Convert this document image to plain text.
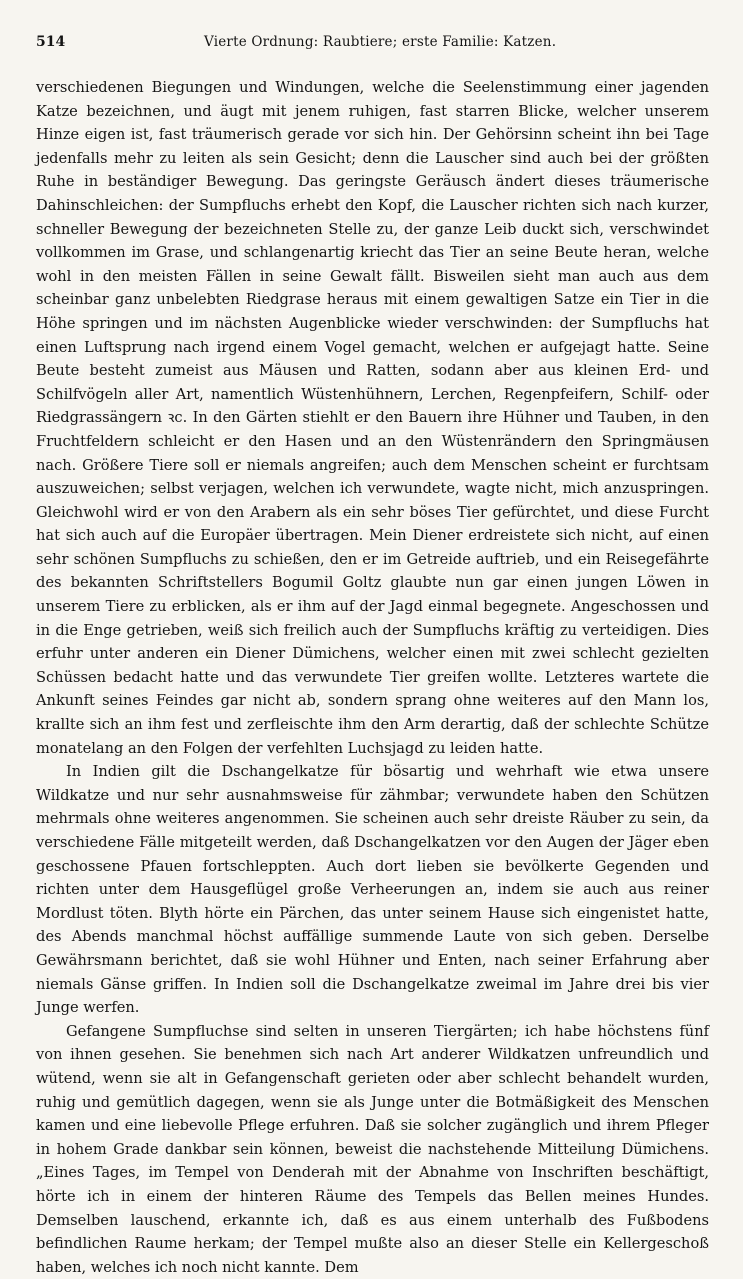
514	Vierte Ordnung: Raubtiere; erste Familie: Katzen.

verschiedenen Biegungen und Windungen, welche die Seelenstimmung einer jagenden Katze bezeichnen, und äugt mit jenem ruhigen, fast starren Blicke, welcher unserem Hinze eigen ist, fast träumerisch gerade vor sich hin. Der Gehörsinn scheint ihn bei Tage jedenfalls mehr zu leiten als sein Gesicht; denn die Lauscher sind auch bei der größten Ruhe in beständiger Bewegung. Das geringste Geräusch ändert dieses träumerische Dahinschleichen: der Sumpfluchs erhebt den Kopf, die Lauscher richten sich nach kurzer, schneller Bewegung der bezeichneten Stelle zu, der ganze Leib duckt sich, verschwindet vollkommen im Grase, und schlangenartig kriecht das Tier an seine Beute heran, welche wohl in den meisten Fällen in seine Gewalt fällt. Bisweilen sieht man auch aus dem scheinbar ganz unbelebten Riedgrase heraus mit einem gewaltigen Satze ein Tier in die Höhe springen und im nächsten Augenblicke wieder verschwinden: der Sumpfluchs hat einen Luftsprung nach irgend einem Vogel gemacht, welchen er aufgejagt hatte. Seine Beute besteht zumeist aus Mäusen und Ratten, sodann aber aus kleinen Erd- und Schilfvögeln aller Art, namentlich Wüstenhühnern, Lerchen, Regenpfeifern, Schilf- oder Riedgrassängern ꝛc. In den Gärten stiehlt er den Bauern ihre Hühner und Tauben, in den Fruchtfeldern schleicht er den Hasen und an den Wüstenrändern den Springmäusen nach. Größere Tiere soll er niemals angreifen; auch dem Menschen scheint er furchtsam auszuweichen; selbst verjagen, welchen ich verwundete, wagte nicht, mich anzuspringen. Gleichwohl wird er von den Arabern als ein sehr böses Tier gefürchtet, und diese Furcht hat sich auch auf die Europäer übertragen. Mein Diener erdreistete sich nicht, auf einen sehr schönen Sumpfluchs zu schießen, den er im Getreide auftrieb, und ein Reisegefährte des bekannten Schriftstellers Bogumil Goltz glaubte nun gar einen jungen Löwen in unserem Tiere zu erblicken, als er ihm auf der Jagd einmal begegnete. Angeschossen und in die Enge getrieben, weiß sich freilich auch der Sumpfluchs kräftig zu verteidigen. Dies erfuhr unter anderen ein Diener Dümichens, welcher einen mit zwei schlecht gezielten Schüssen bedacht hatte und das verwundete Tier greifen wollte. Letzteres wartete die Ankunft seines Feindes gar nicht ab, sondern sprang ohne weiteres auf den Mann los, krallte sich an ihm fest und zerfleischte ihm den Arm derartig, daß der schlechte Schütze monatelang an den Folgen der verfehlten Luchsjagd zu leiden hatte.

In Indien gilt die Dschangelkatze für bösartig und wehrhaft wie etwa unsere Wildkatze und nur sehr ausnahmsweise für zähmbar; verwundete haben den Schützen mehrmals ohne weiteres angenommen. Sie scheinen auch sehr dreiste Räuber zu sein, da verschiedene Fälle mitgeteilt werden, daß Dschangelkatzen vor den Augen der Jäger eben geschossene Pfauen fortschleppten. Auch dort lieben sie bevölkerte Gegenden und richten unter dem Hausgeflügel große Verheerungen an, indem sie auch aus reiner Mordlust töten. Blyth hörte ein Pärchen, das unter seinem Hause sich eingenistet hatte, des Abends manchmal höchst auffällige summende Laute von sich geben. Derselbe Gewährsmann berichtet, daß sie wohl Hühner und Enten, nach seiner Erfahrung aber niemals Gänse griffen. In Indien soll die Dschangelkatze zweimal im Jahre drei bis vier Junge werfen.

Gefangene Sumpfluchse sind selten in unseren Tiergärten; ich habe höchstens fünf von ihnen gesehen. Sie benehmen sich nach Art anderer Wildkatzen unfreundlich und wütend, wenn sie alt in Gefangenschaft gerieten oder aber schlecht behandelt wurden, ruhig und gemütlich dagegen, wenn sie als Junge unter die Botmäßigkeit des Menschen kamen und eine liebevolle Pflege erfuhren. Daß sie solcher zugänglich und ihrem Pfleger in hohem Grade dankbar sein können, beweist die nachstehende Mitteilung Dümichens. „Eines Tages, im Tempel von Denderah mit der Abnahme von Inschriften beschäftigt, hörte ich in einem der hinteren Räume des Tempels das Bellen meines Hundes. Demselben lauschend, erkannte ich, daß es aus einem unterhalb des Fußbodens befindlichen Raume herkam; der Tempel mußte also an dieser Stelle ein Kellergeschoß haben, welches ich noch nicht kannte. Dem
